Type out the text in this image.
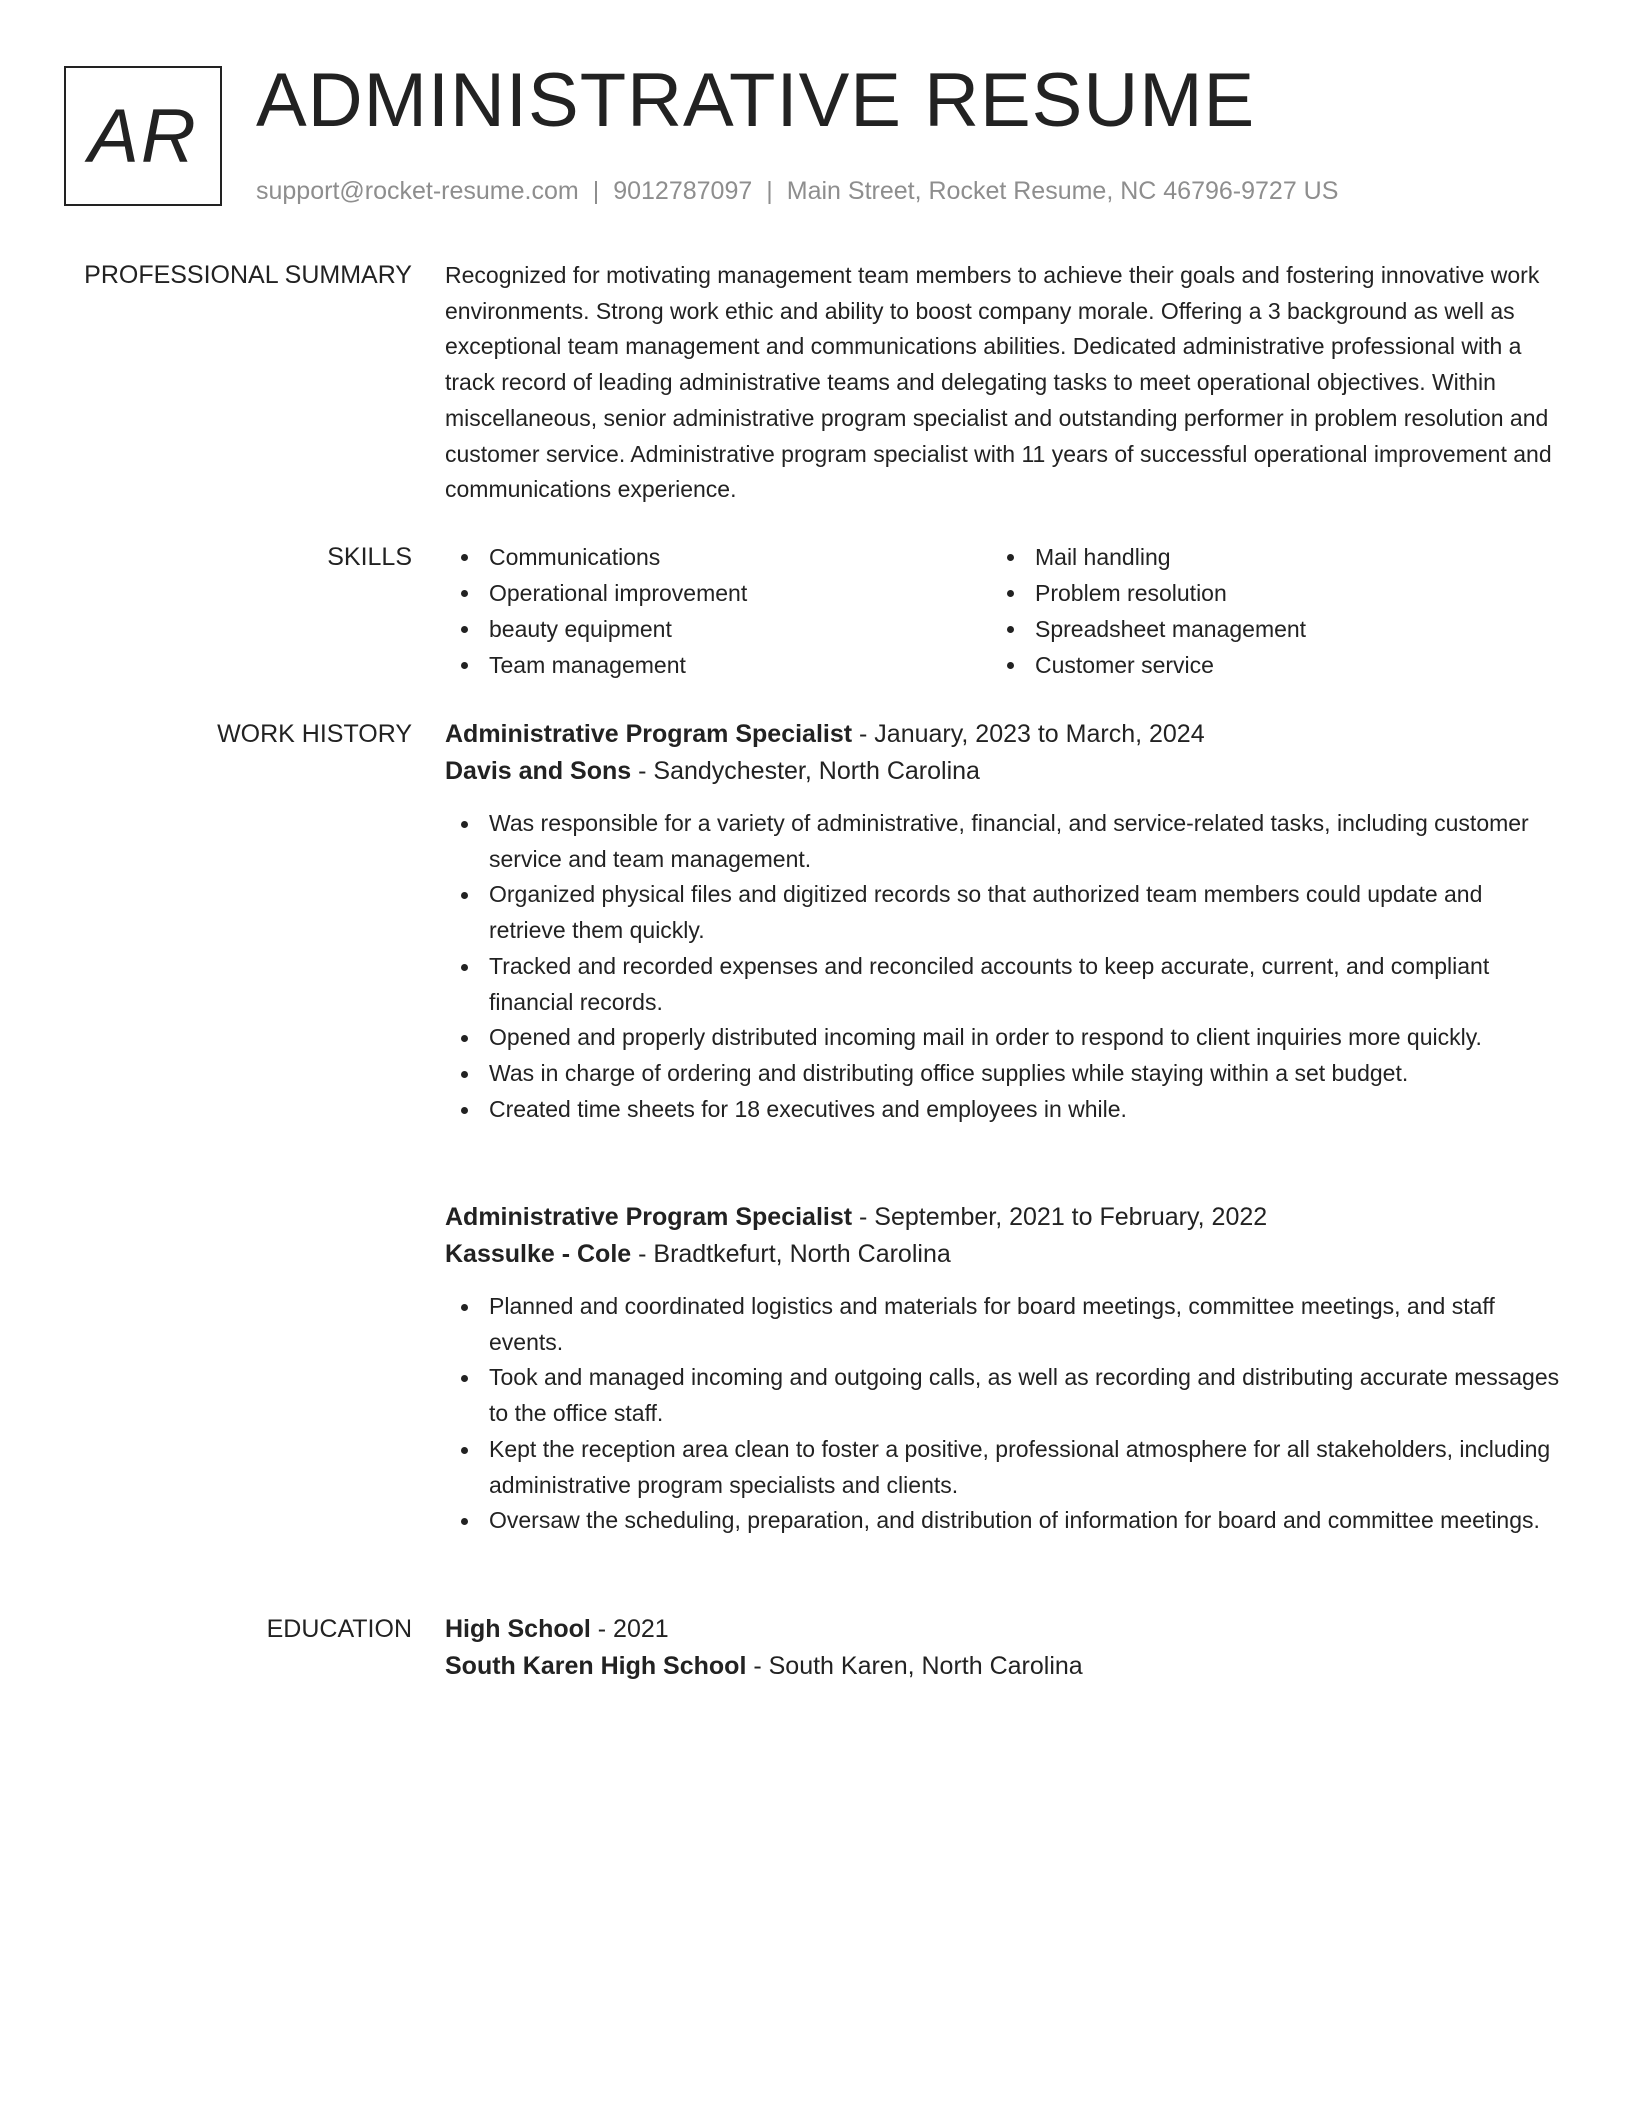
AR ADMINISTRATIVE RESUME
support@rocket-resume.com | 9012787097 | Main Street, Rocket Resume, NC 46796-9727 US
PROFESSIONAL SUMMARY Recognized for motivating management team members to achieve their goals and fostering innovative work environments. Strong work ethic and ability to boost company morale. Offering a 3 background as well as exceptional team management and communications abilities. Dedicated administrative professional with a track record of leading administrative teams and delegating tasks to meet operational objectives. Within miscellaneous, senior administrative program specialist and outstanding performer in problem resolution and customer service. Administrative program specialist with 11 years of successful operational improvement and communications experience.

SKILLS	Communications
Operational improvement
beauty equipment
Team management
Mail handling
Problem resolution
Spreadsheet management
Customer service
WORK HISTORY Administrative Program Specialist - January, 2023 to March, 2024
Davis and Sons - Sandychester, North Carolina
Was responsible for a variety of administrative, financial, and service-related tasks, including customer service and team management.
Organized physical files and digitized records so that authorized team members could update and retrieve them quickly.
Tracked and recorded expenses and reconciled accounts to keep accurate, current, and compliant financial records.
Opened and properly distributed incoming mail in order to respond to client inquiries more quickly.
Was in charge of ordering and distributing office supplies while staying within a set budget.
Created time sheets for 18 executives and employees in while.
Administrative Program Specialist - September, 2021 to February, 2022
Kassulke - Cole - Bradtkefurt, North Carolina
Planned and coordinated logistics and materials for board meetings, committee meetings, and staff events.
Took and managed incoming and outgoing calls, as well as recording and distributing accurate messages to the office staff.
Kept the reception area clean to foster a positive, professional atmosphere for all stakeholders, including administrative program specialists and clients.
Oversaw the scheduling, preparation, and distribution of information for board and committee meetings.
EDUCATION High School - 2021
South Karen High School - South Karen, North Carolina
